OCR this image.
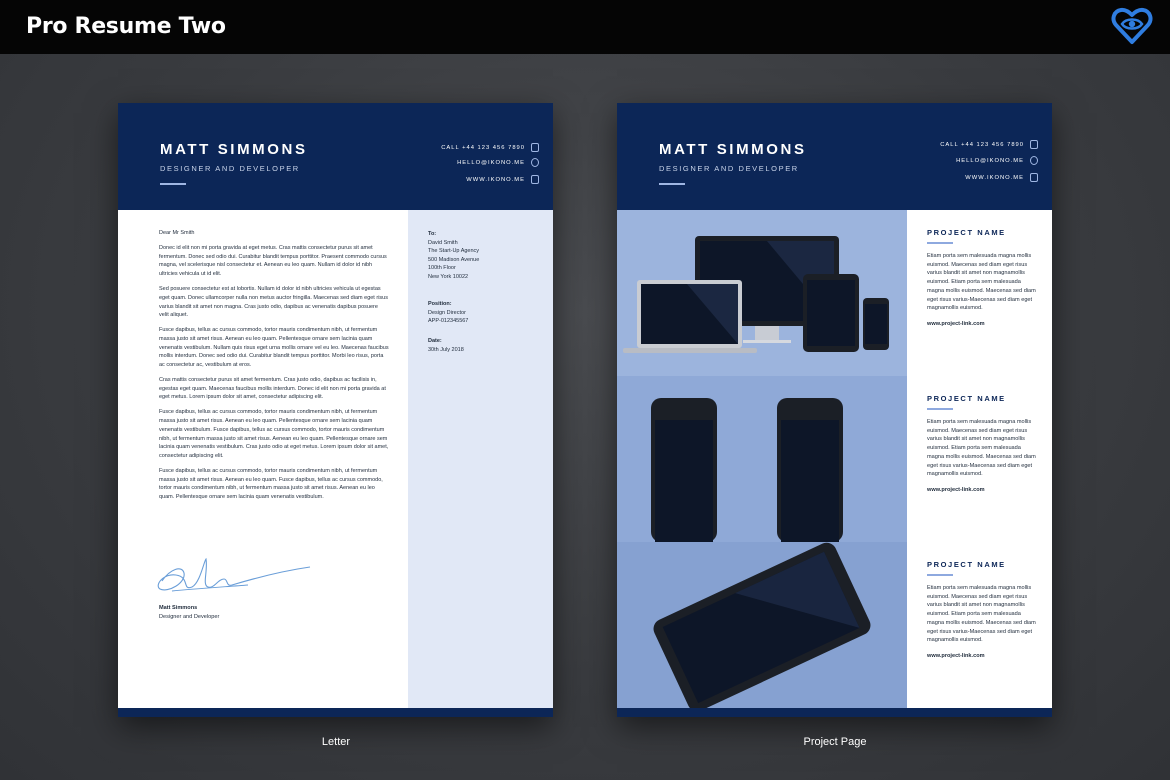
Pro Resume Two
MATT SIMMONS
DESIGNER AND DEVELOPER
CALL +44 123 456 7890
HELLO@IKONO.ME
WWW.IKONO.ME

Dear Mr Smith

Donec id elit non mi porta gravida at eget metus. Cras mattis consectetur purus sit amet fermentum. Donec sed odio dui. Curabitur blandit tempus porttitor. Praesent commodo cursus magna, vel scelerisque nisl consectetur et. Aenean eu leo quam. Nullam id dolor id nibh ultricies vehicula ut id elit.

Sed posuere consectetur est at lobortis. Nullam id dolor id nibh ultricies vehicula ut egestas eget quam. Donec ullamcorper nulla non metus auctor fringilla. Maecenas sed diam eget risus varius blandit sit amet non magna. Cras justo odio, dapibus ac venenatis dapibus posuere velit aliquet.

Fusce dapibus, tellus ac cursus commodo, tortor mauris condimentum nibh, ut fermentum massa justo sit amet risus. Aenean eu leo quam. Pellentesque ornare sem lacinia quam venenatis vestibulum. Nullam quis risus eget urna mollis ornare vel eu leo. Maecenas faucibus mollis interdum. Donec sed odio dui. Curabitur blandit tempus porttitor. Morbi leo risus, porta ac consectetur ac, vestibulum at eros.

Cras mattis consectetur purus sit amet fermentum. Cras justo odio, dapibus ac facilisis in, egestas eget quam. Maecenas faucibus mollis interdum. Donec id elit non mi porta gravida at eget metus. Lorem ipsum dolor sit amet, consectetur adipiscing elit.

Fusce dapibus, tellus ac cursus commodo, tortor mauris condimentum nibh, ut fermentum massa justo sit amet risus. Aenean eu leo quam. Pellentesque ornare sem lacinia quam venenatis vestibulum. Fusce dapibus, tellus ac cursus commodo, tortor mauris condimentum nibh, ut fermentum massa justo sit amet risus. Aenean eu leo quam. Pellentesque ornare sem lacinia quam venenatis vestibulum. Cras justo odio at eget metus. Lorem ipsum dolor sit amet, consectetur adipiscing elit.

Fusce dapibus, tellus ac cursus commodo, tortor mauris condimentum nibh, ut fermentum massa justo sit amet risus. Aenean eu leo quam. Fusce dapibus, tellus ac cursus commodo, tortor mauris condimentum nibh, ut fermentum massa justo sit amet risus. Aenean eu leo quam. Pellentesque ornare sem lacinia quam venenatis vestibulum.

Matt Simmons
Designer and Developer
To:
David Smith
The Start-Up Agency
500 Madison Avenue
100th Floor
New York 10022
Position:
Design Director
APP-012345567
Date:
30th July 2018
MATT SIMMONS
DESIGNER AND DEVELOPER
CALL +44 123 456 7890
HELLO@IKONO.ME
WWW.IKONO.ME
PROJECT NAME
Etiam porta sem malesuada magna mollis euismod. Maecenas sed diam eget risus varius blandit sit amet non magnamollis euismod. Etiam porta sem malesuada magna mollis euismod. Maecenas sed diam eget risus varius-Maecenas sed diam eget magnamollis euismod.
www.project-link.com
PROJECT NAME
Etiam porta sem malesuada magna mollis euismod. Maecenas sed diam eget risus varius blandit sit amet non magnamollis euismod. Etiam porta sem malesuada magna mollis euismod. Maecenas sed diam eget risus varius-Maecenas sed diam eget magnamollis euismod.
www.project-link.com
PROJECT NAME
Etiam porta sem malesuada magna mollis euismod. Maecenas sed diam eget risus varius blandit sit amet non magnamollis euismod. Etiam porta sem malesuada magna mollis euismod. Maecenas sed diam eget risus varius-Maecenas sed diam eget magnamollis euismod.
www.project-link.com
Letter	Project Page
